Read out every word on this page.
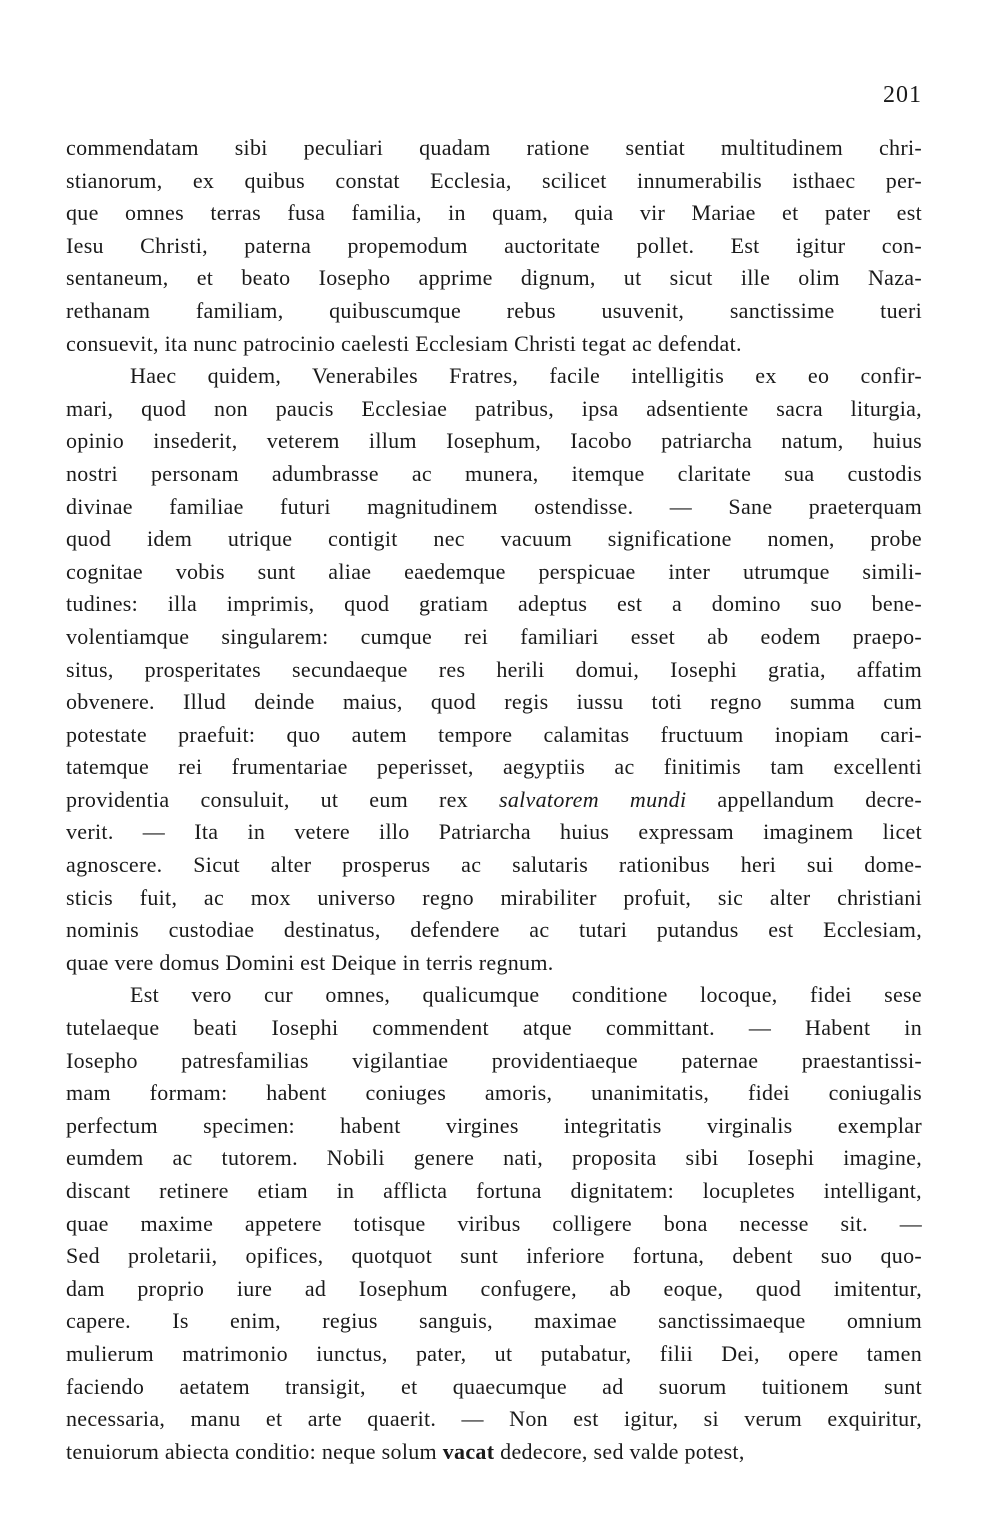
201
commendatam sibi peculiari quadam ratione sentiat multitudinem chri-
stianorum, ex quibus constat Ecclesia, scilicet innumerabilis isthaec per-
que omnes terras fusa familia, in quam, quia vir Mariae et pater est
Iesu Christi, paterna propemodum auctoritate pollet. Est igitur con-
sentaneum, et beato Iosepho apprime dignum, ut sicut ille olim Naza-
rethanam familiam, quibuscumque rebus usuvenit, sanctissime tueri
consuevit, ita nunc patrocinio caelesti Ecclesiam Christi tegat ac defendat.
Haec quidem, Venerabiles Fratres, facile intelligitis ex eo confir-
mari, quod non paucis Ecclesiae patribus, ipsa adsentiente sacra liturgia,
opinio insederit, veterem illum Iosephum, Iacobo patriarcha natum, huius
nostri personam adumbrasse ac munera, itemque claritate sua custodis
divinae familiae futuri magnitudinem ostendisse. — Sane praeterquam
quod idem utrique contigit nec vacuum significatione nomen, probe
cognitae vobis sunt aliae eaedemque perspicuae inter utrumque simili-
tudines: illa imprimis, quod gratiam adeptus est a domino suo bene-
volentiamque singularem: cumque rei familiari esset ab eodem praepo-
situs, prosperitates secundaeque res herili domui, Iosephi gratia, affatim
obvenere. Illud deinde maius, quod regis iussu toti regno summa cum
potestate praefuit: quo autem tempore calamitas fructuum inopiam cari-
tatemque rei frumentariae peperisset, aegyptiis ac finitimis tam excellenti
providentia consuluit, ut eum rex salvatorem mundi appellandum decre-
verit. — Ita in vetere illo Patriarcha huius expressam imaginem licet
agnoscere. Sicut alter prosperus ac salutaris rationibus heri sui dome-
sticis fuit, ac mox universo regno mirabiliter profuit, sic alter christiani
nominis custodiae destinatus, defendere ac tutari putandus est Ecclesiam,
quae vere domus Domini est Deique in terris regnum.
Est vero cur omnes, qualicumque conditione locoque, fidei sese
tutelaeque beati Iosephi commendent atque committant. — Habent in
Iosepho patresfamilias vigilantiae providentiaeque paternae praestantissi-
mam formam: habent coniuges amoris, unanimitatis, fidei coniugalis
perfectum specimen: habent virgines integritatis virginalis exemplar
eumdem ac tutorem. Nobili genere nati, proposita sibi Iosephi imagine,
discant retinere etiam in afflicta fortuna dignitatem: locupletes intelligant,
quae maxime appetere totisque viribus colligere bona necesse sit. —
Sed proletarii, opifices, quotquot sunt inferiore fortuna, debent suo quo-
dam proprio iure ad Iosephum confugere, ab eoque, quod imitentur,
capere. Is enim, regius sanguis, maximae sanctissimaeque omnium
mulierum matrimonio iunctus, pater, ut putabatur, filii Dei, opere tamen
faciendo aetatem transigit, et quaecumque ad suorum tuitionem sunt
necessaria, manu et arte quaerit. — Non est igitur, si verum exquiritur,
tenuiorum abiecta conditio: neque solum vacat dedecore, sed valde potest,
